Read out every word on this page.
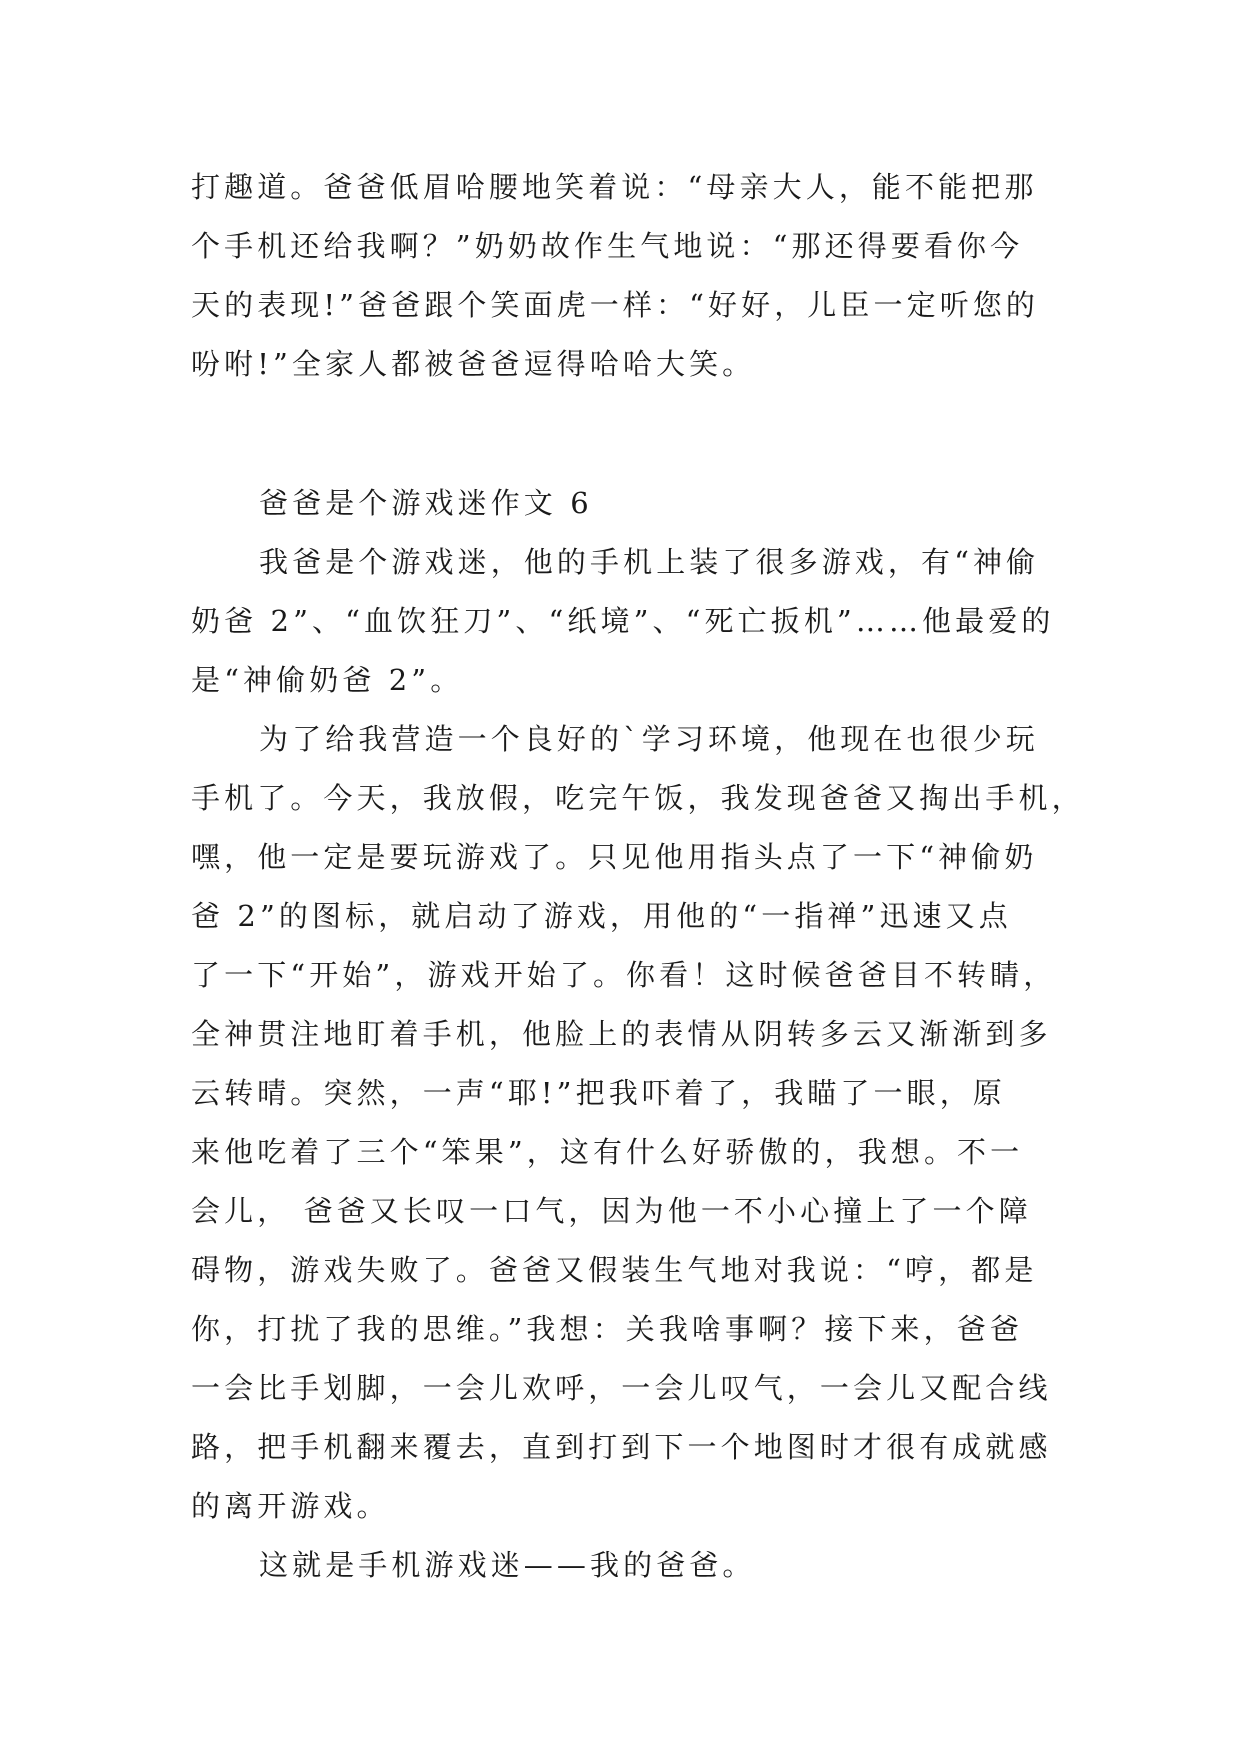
打趣道。爸爸低眉哈腰地笑着说：“母亲大人，能不能把那
个手机还给我啊？”奶奶故作生气地说：“那还得要看你今
天的表现!”爸爸跟个笑面虎一样：“好好，儿臣一定听您的
吩咐!”全家人都被爸爸逗得哈哈大笑。
爸爸是个游戏迷作文 6
我爸是个游戏迷，他的手机上装了很多游戏，有“神偷
奶爸 2”、“血饮狂刀”、“纸境”、“死亡扳机”……他最爱的
是“神偷奶爸 2”。
为了给我营造一个良好的`学习环境，他现在也很少玩
手机了。今天，我放假，吃完午饭，我发现爸爸又掏出手机，
嘿，他一定是要玩游戏了。只见他用指头点了一下“神偷奶
爸 2”的图标，就启动了游戏，用他的“一指禅”迅速又点
了一下“开始”，游戏开始了。你看！这时候爸爸目不转睛，
全神贯注地盯着手机，他脸上的表情从阴转多云又渐渐到多
云转晴。突然，一声“耶!”把我吓着了，我瞄了一眼，原
来他吃着了三个“笨果”，这有什么好骄傲的，我想。不一
会儿， 爸爸又长叹一口气，因为他一不小心撞上了一个障
碍物，游戏失败了。爸爸又假装生气地对我说：“哼，都是
你，打扰了我的思维。”我想：关我啥事啊？接下来，爸爸
一会比手划脚，一会儿欢呼，一会儿叹气，一会儿又配合线
路，把手机翻来覆去，直到打到下一个地图时才很有成就感
的离开游戏。
这就是手机游戏迷——我的爸爸。
